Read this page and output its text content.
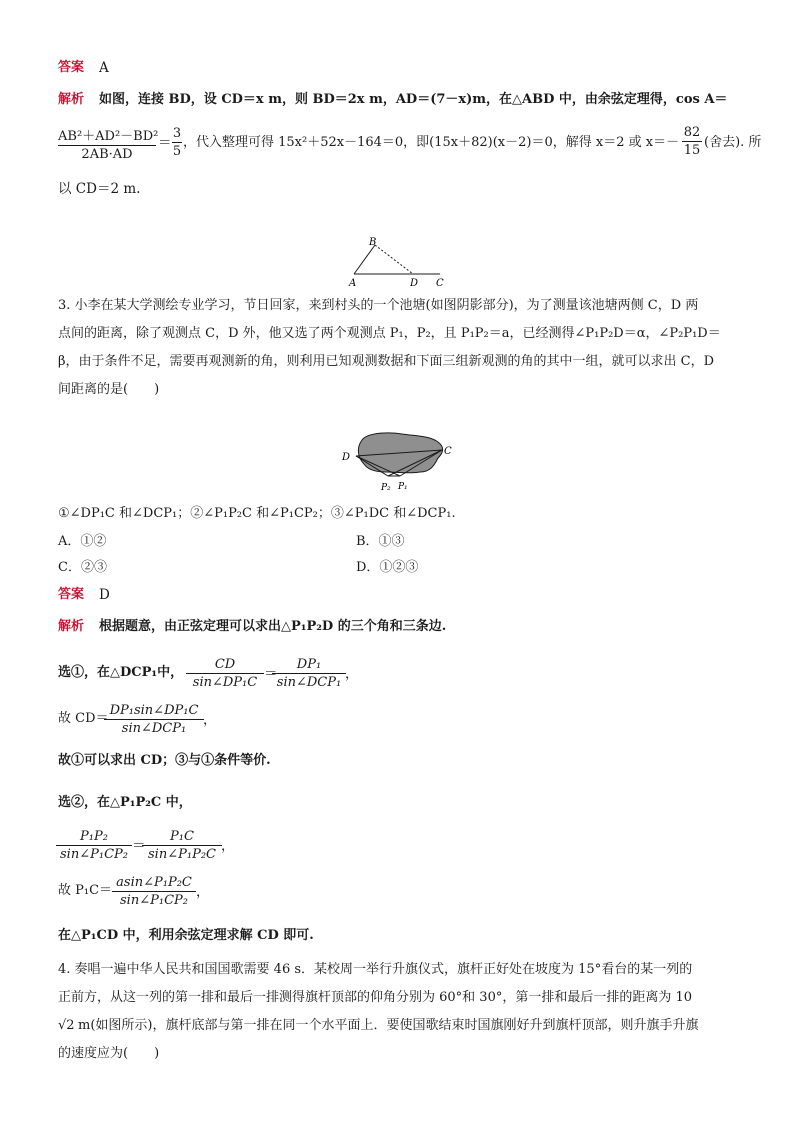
答案 A
解析 如图，连接 BD，设 CD＝x m，则 BD＝2x m，AD＝(7－x)m，在△ABD 中，由余弦定理得，cos A＝
AB²＋AD²－BD²
2AB·AD
＝
3
5
，代入整理可得 15x²＋52x－164＝0，即(15x＋82)(x－2)＝0，解得 x＝2 或 x＝－
82
15
(舍去). 所
以 CD＝2 m.
B
A	D C
3. 小李在某大学测绘专业学习，节日回家，来到村头的一个池塘(如图阴影部分)，为了测量该池塘两侧 C，D 两
点间的距离，除了观测点 C，D 外，他又选了两个观测点 P₁，P₂，且 P₁P₂＝a，已经测得∠P₁P₂D＝α，∠P₂P₁D＝
β，由于条件不足，需要再观测新的角，则利用已知观测数据和下面三组新观测的角的其中一组，就可以求出 C，D
间距离的是(　　)
D
C
P₂ P₁
①∠DP₁C 和∠DCP₁；②∠P₁P₂C 和∠P₁CP₂；③∠P₁DC 和∠DCP₁.
A．①②	B．①③
C．②③	D．①②③
答案 D
解析 根据题意，由正弦定理可以求出△P₁P₂D 的三个角和三条边.
选①，在△DCP₁中，
CD
sin∠DP₁C
＝
DP₁
sin∠DCP₁
，
故 CD＝
DP₁sin∠DP₁C
sin∠DCP₁
，
故①可以求出 CD；③与①条件等价.
选②，在△P₁P₂C 中，
P₁P₂
sin∠P₁CP₂
＝
P₁C
sin∠P₁P₂C
，
故 P₁C＝
asin∠P₁P₂C
sin∠P₁CP₂
，
在△P₁CD 中，利用余弦定理求解 CD 即可.
4. 奏唱一遍中华人民共和国国歌需要 46 s．某校周一举行升旗仪式，旗杆正好处在坡度为 15°看台的某一列的
正前方，从这一列的第一排和最后一排测得旗杆顶部的仰角分别为 60°和 30°，第一排和最后一排的距离为 10
√2 m(如图所示)，旗杆底部与第一排在同一个水平面上．要使国歌结束时国旗刚好升到旗杆顶部，则升旗手升旗
的速度应为(　　)
